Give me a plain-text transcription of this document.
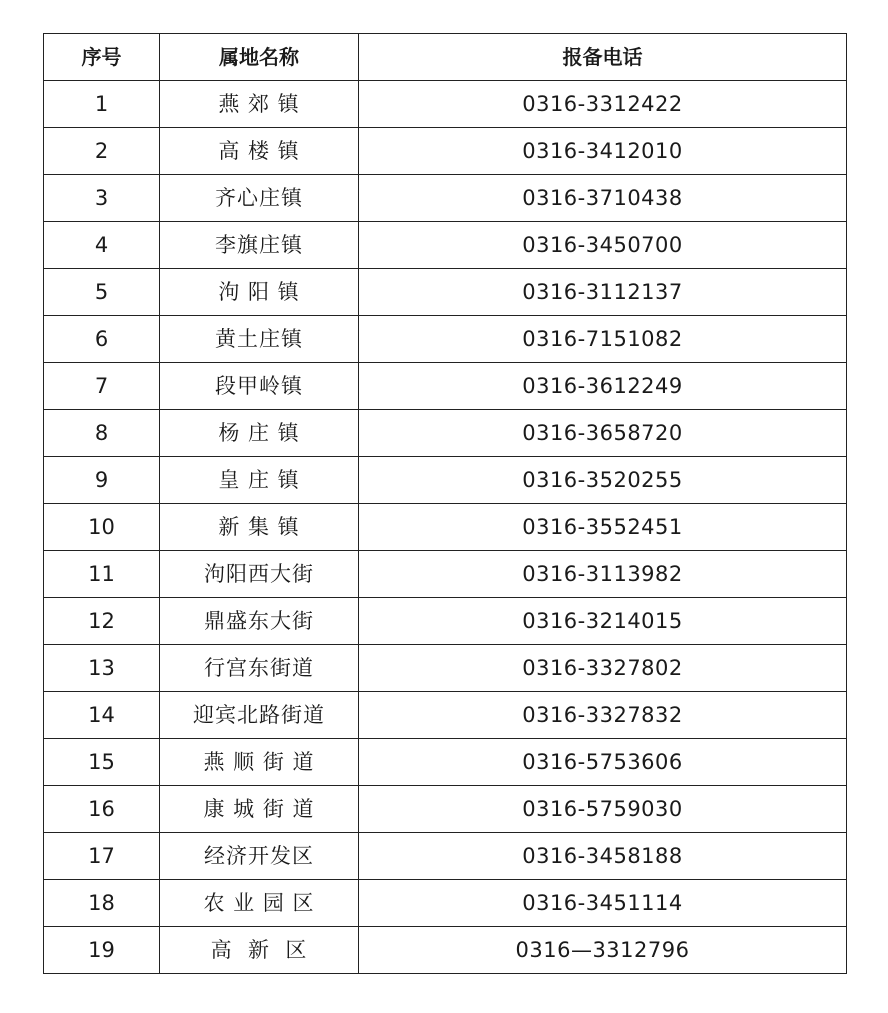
序号	属地名称	报备电话
1	燕 郊 镇	0316-3312422
2	高 楼 镇	0316-3412010
3	齐心庄镇	0316-3710438
4	李旗庄镇	0316-3450700
5	泃 阳 镇	0316-3112137
6	黄土庄镇	0316-7151082
7	段甲岭镇	0316-3612249
8	杨 庄 镇	0316-3658720
9	皇 庄 镇	0316-3520255
10	新 集 镇	0316-3552451
11	泃阳西大街	0316-3113982
12	鼎盛东大街	0316-3214015
13	行宫东街道	0316-3327802
14	迎宾北路街道	0316-3327832
15	燕 顺 街 道	0316-5753606
16	康 城 街 道	0316-5759030
17	经济开发区	0316-3458188
18	农 业 园 区	0316-3451114
19	高  新  区	0316—3312796
